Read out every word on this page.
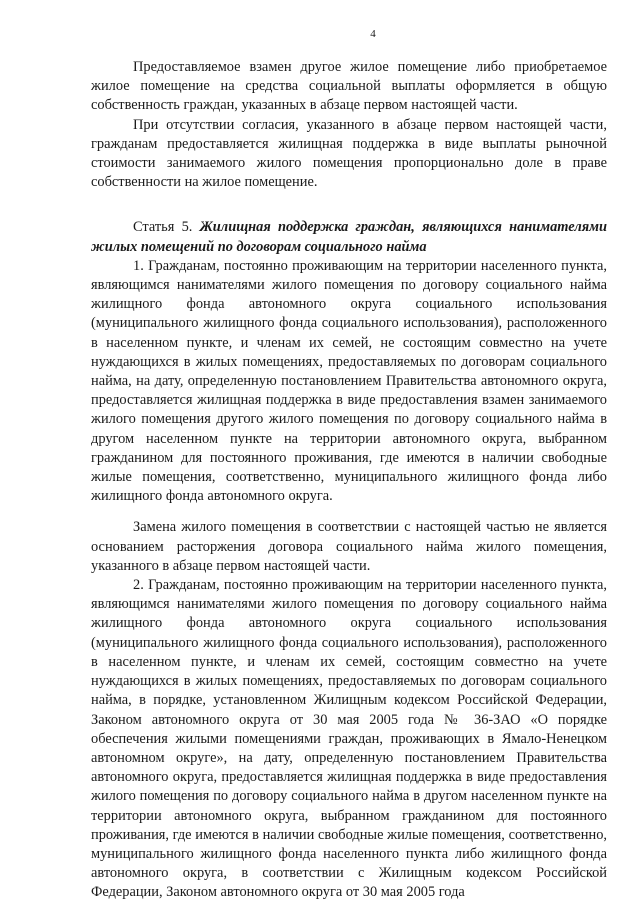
4

Предоставляемое взамен другое жилое помещение либо приобретаемое жилое помещение на средства социальной выплаты оформляется в общую собственность граждан, указанных в абзаце первом настоящей части.

При отсутствии согласия, указанного в абзаце первом настоящей части, гражданам предоставляется жилищная поддержка в виде выплаты рыночной стоимости занимаемого жилого помещения пропорционально доле в праве собственности на жилое помещение.

Статья 5. Жилищная поддержка граждан, являющихся нанимателями жилых помещений по договорам социального найма

1. Гражданам, постоянно проживающим на территории населенного пункта, являющимся нанимателями жилого помещения по договору социального найма жилищного фонда автономного округа социального использования (муниципального жилищного фонда социального использования), расположенного в населенном пункте, и членам их семей, не состоящим совместно на учете нуждающихся в жилых помещениях, предоставляемых по договорам социального найма, на дату, определенную постановлением Правительства автономного округа, предоставляется жилищная поддержка в виде предоставления взамен занимаемого жилого помещения другого жилого помещения по договору социального найма в другом населенном пункте на территории автономного округа, выбранном гражданином для постоянного проживания, где имеются в наличии свободные жилые помещения, соответственно, муниципального жилищного фонда либо жилищного фонда автономного округа.

Замена жилого помещения в соответствии с настоящей частью не является основанием расторжения договора социального найма жилого помещения, указанного в абзаце первом настоящей части.

2. Гражданам, постоянно проживающим на территории населенного пункта, являющимся нанимателями жилого помещения по договору социального найма жилищного фонда автономного округа социального использования (муниципального жилищного фонда социального использования), расположенного в населенном пункте, и членам их семей, состоящим совместно на учете нуждающихся в жилых помещениях, предоставляемых по договорам социального найма, в порядке, установленном Жилищным кодексом Российской Федерации, Законом автономного округа от 30 мая 2005 года № 36-ЗАО «О порядке обеспечения жилыми помещениями граждан, проживающих в Ямало-Ненецком автономном округе», на дату, определенную постановлением Правительства автономного округа, предоставляется жилищная поддержка в виде предоставления жилого помещения по договору социального найма в другом населенном пункте на территории автономного округа, выбранном гражданином для постоянного проживания, где имеются в наличии свободные жилые помещения, соответственно, муниципального жилищного фонда населенного пункта либо жилищного фонда автономного округа, в соответствии с Жилищным кодексом Российской Федерации, Законом автономного округа от 30 мая 2005 года
